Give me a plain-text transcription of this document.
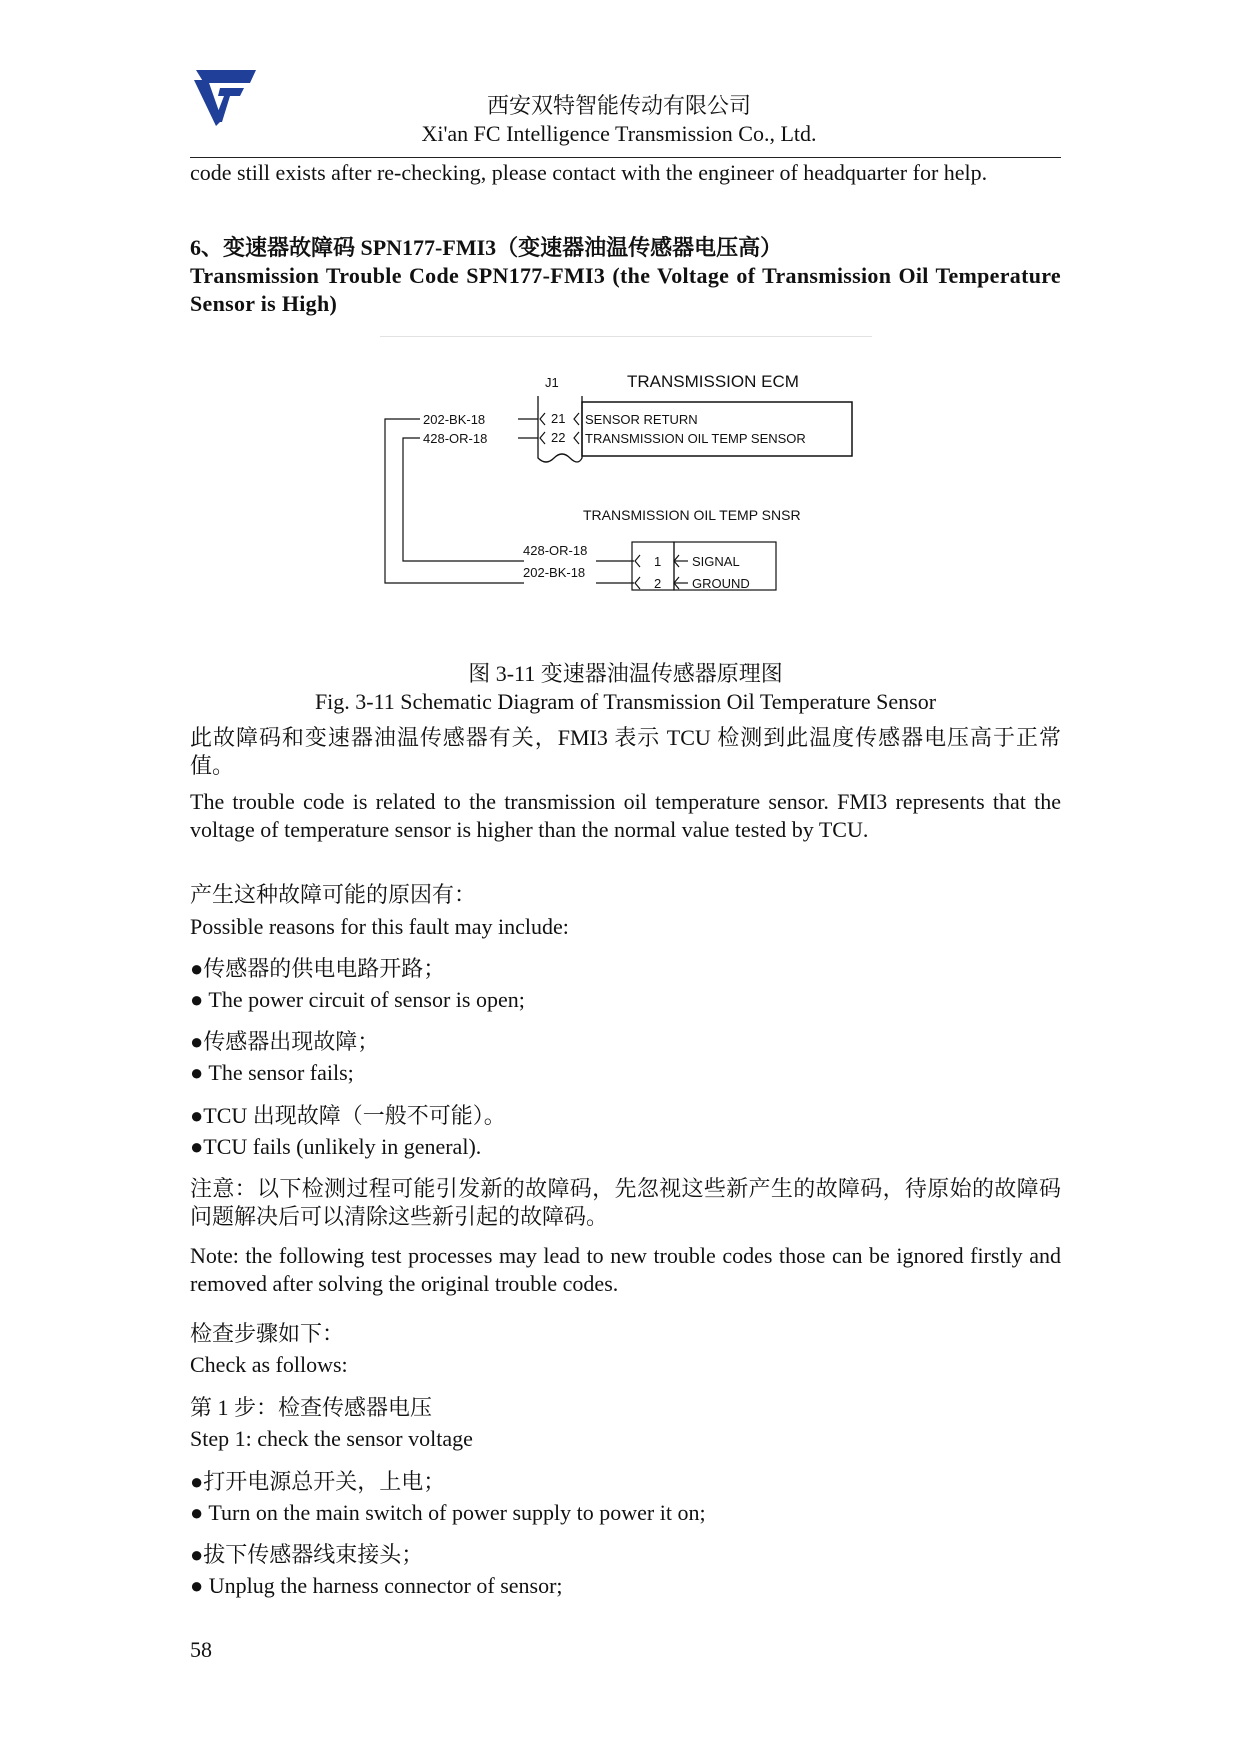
西安双特智能传动有限公司
Xi'an FC Intelligence Transmission Co., Ltd.
code still exists after re-checking, please contact with the engineer of headquarter for help.
6、变速器故障码 SPN177-FMI3（变速器油温传感器电压高）
Transmission Trouble Code SPN177-FMI3 (the Voltage of Transmission Oil Temperature Sensor is High)
J1	TRANSMISSION ECM
202-BK-18	21 SENSOR RETURN
428-OR-18	22 TRANSMISSION OIL TEMP SENSOR
TRANSMISSION OIL TEMP SNSR
428-OR-18
202-BK-18
1
2
SIGNAL
GROUND
图 3-11 变速器油温传感器原理图
Fig. 3-11 Schematic Diagram of Transmission Oil Temperature Sensor
此故障码和变速器油温传感器有关，FMI3 表示 TCU 检测到此温度传感器电压高于正常值。
The trouble code is related to the transmission oil temperature sensor. FMI3 represents that the voltage of temperature sensor is higher than the normal value tested by TCU.
产生这种故障可能的原因有：
Possible reasons for this fault may include:
●传感器的供电电路开路；
● The power circuit of sensor is open;
●传感器出现故障；
● The sensor fails;
●TCU 出现故障（一般不可能）。
●TCU fails (unlikely in general).
注意：以下检测过程可能引发新的故障码，先忽视这些新产生的故障码，待原始的故障码问题解决后可以清除这些新引起的故障码。
Note: the following test processes may lead to new trouble codes those can be ignored firstly and removed after solving the original trouble codes.
检查步骤如下：
Check as follows:
第 1 步：检查传感器电压
Step 1: check the sensor voltage
●打开电源总开关，上电；
● Turn on the main switch of power supply to power it on;
●拔下传感器线束接头；
● Unplug the harness connector of sensor;
58
